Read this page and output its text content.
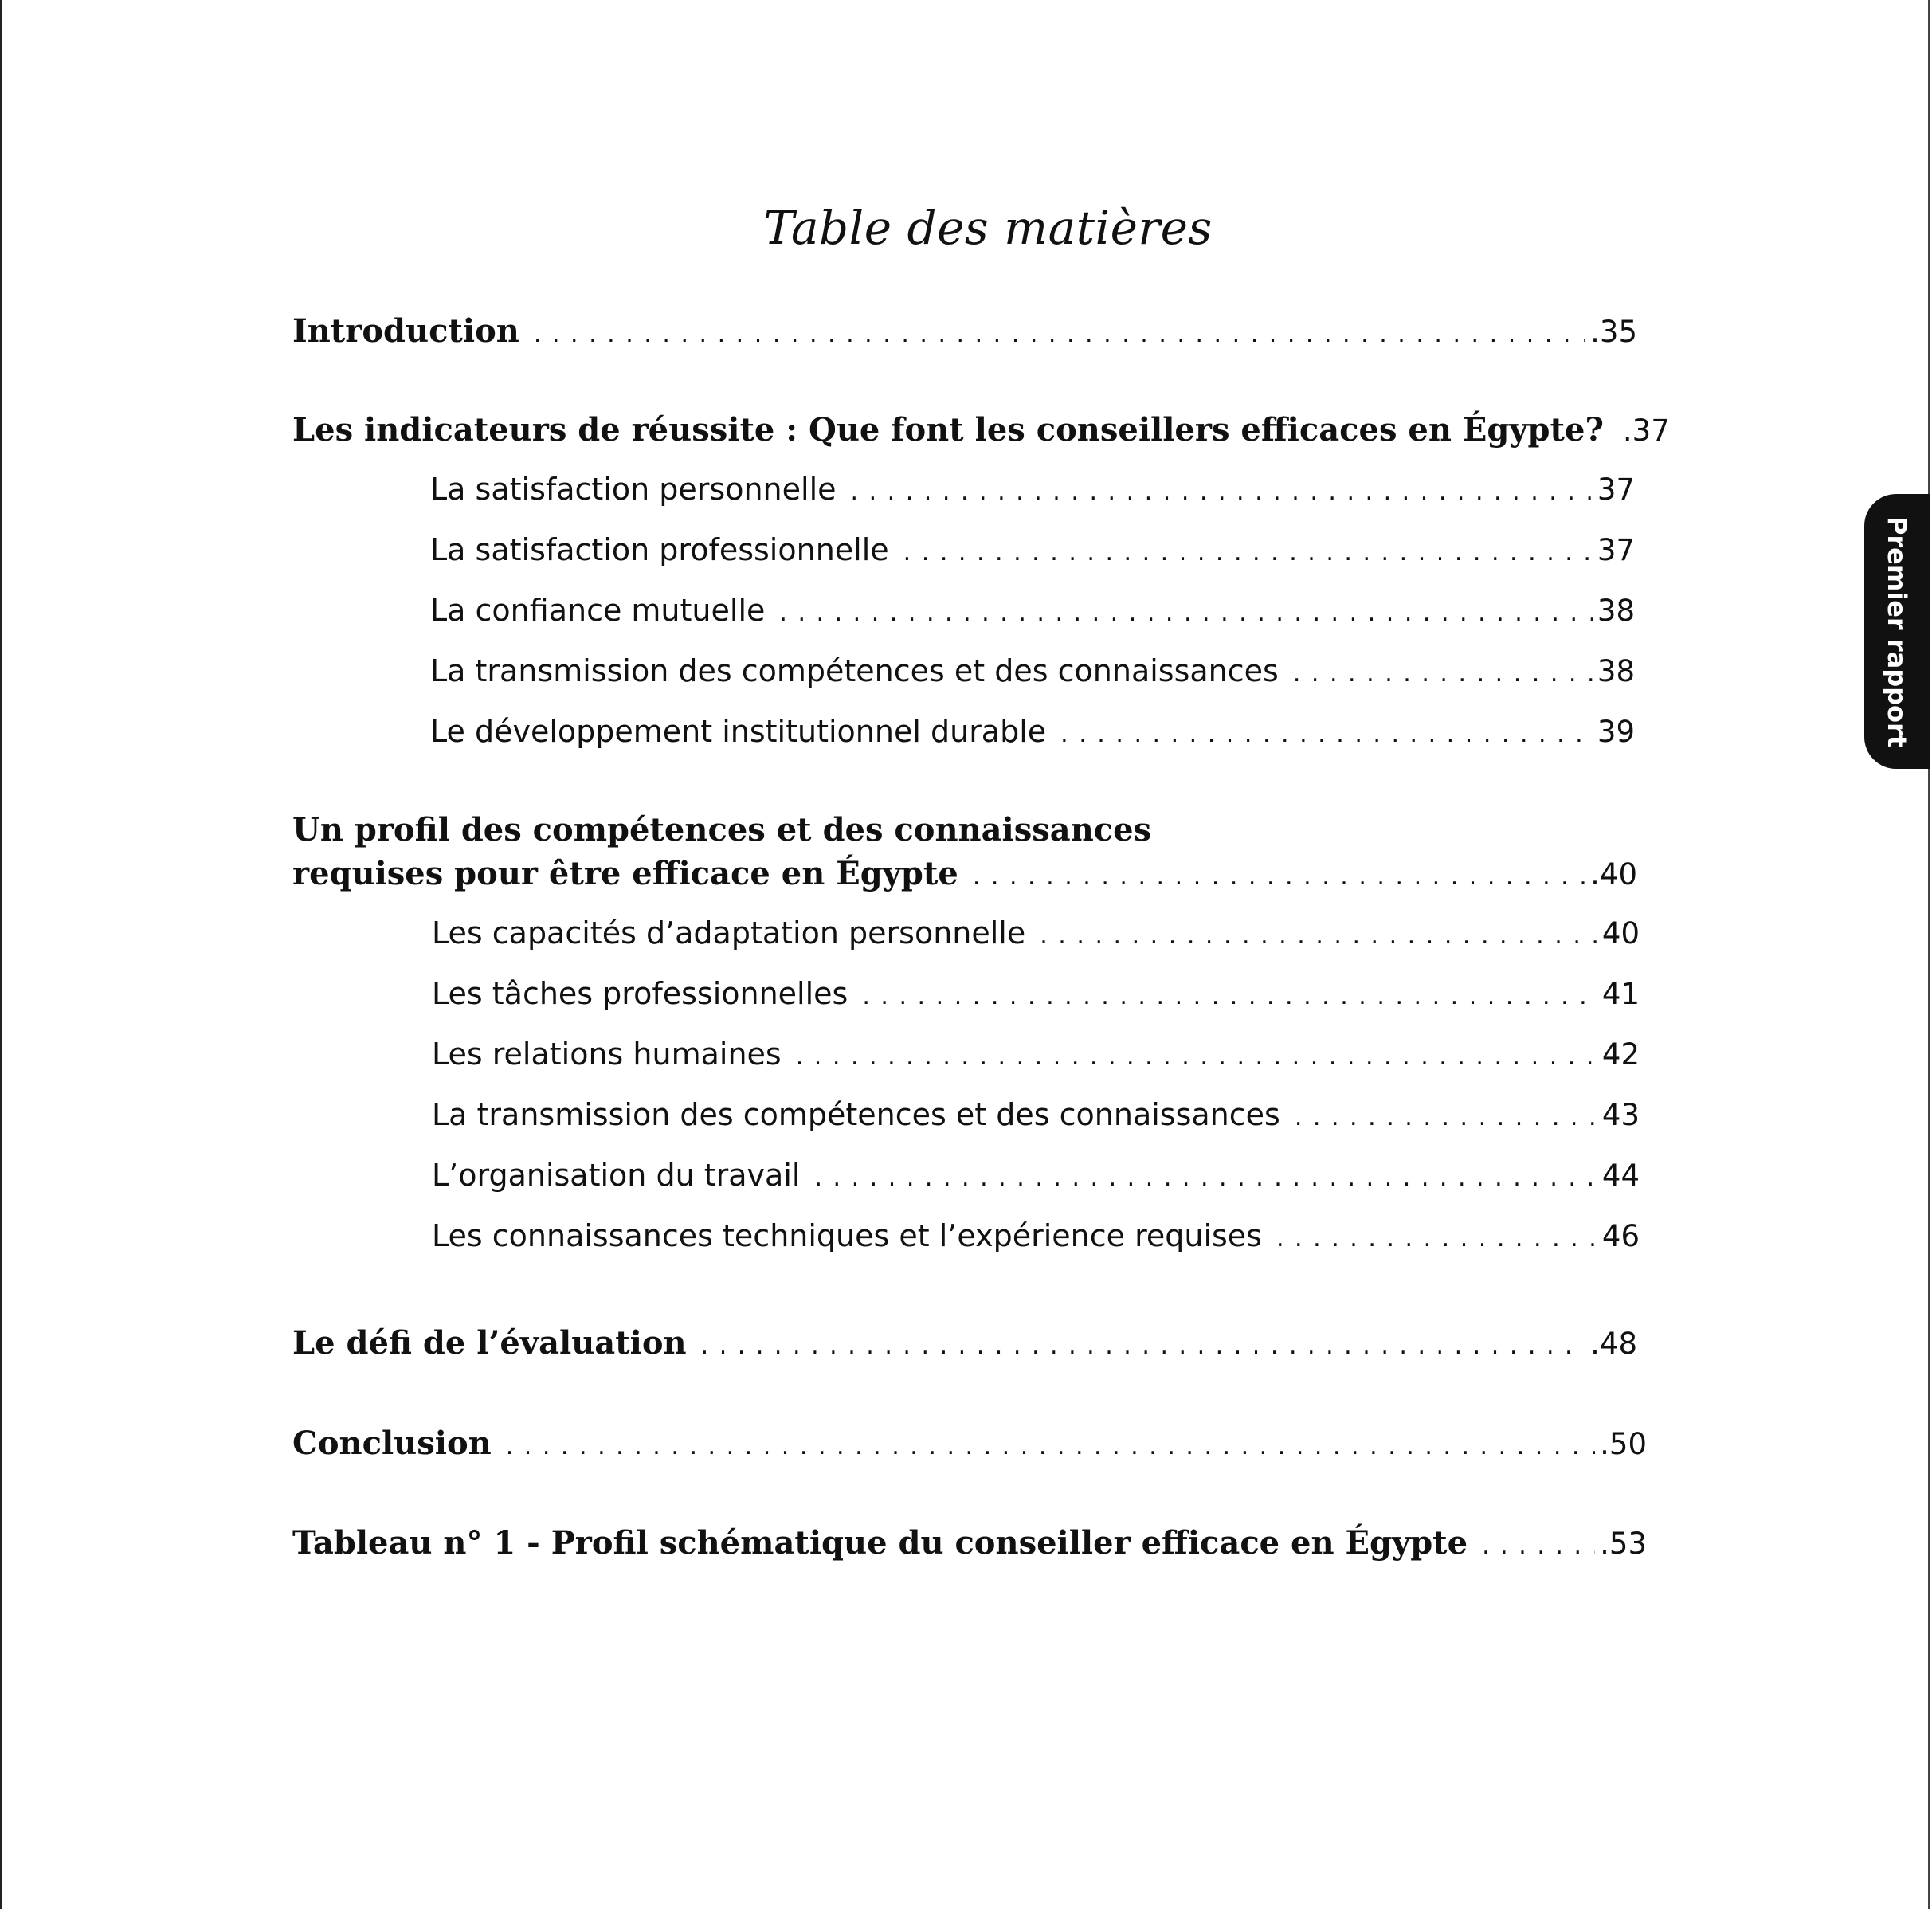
Table des matières
Introduction . . .	.35
Les indicateurs de réussite : Que font les conseillers efficaces en Égypte? .37
La satisfaction personnelle . . .	37
La satisfaction professionnelle . . .	37
La confiance mutuelle . . .	38
La transmission des compétences et des connaissances . . .	38
Le développement institutionnel durable . . .	39
Un profil des compétences et des connaissances
requises pour être efficace en Égypte . . .	.40
Les capacités d’adaptation personnelle . . .	40
Les tâches professionnelles . . .	41
Les relations humaines . . .	42
La transmission des compétences et des connaissances . . .	43
L’organisation du travail . . .	44
Les connaissances techniques et l’expérience requises . . .	46
Le défi de l’évaluation . . .	.48
Conclusion . . .	.50
Tableau n° 1 - Profil schématique du conseiller efficace en Égypte . . .	.53
Premier rapport
